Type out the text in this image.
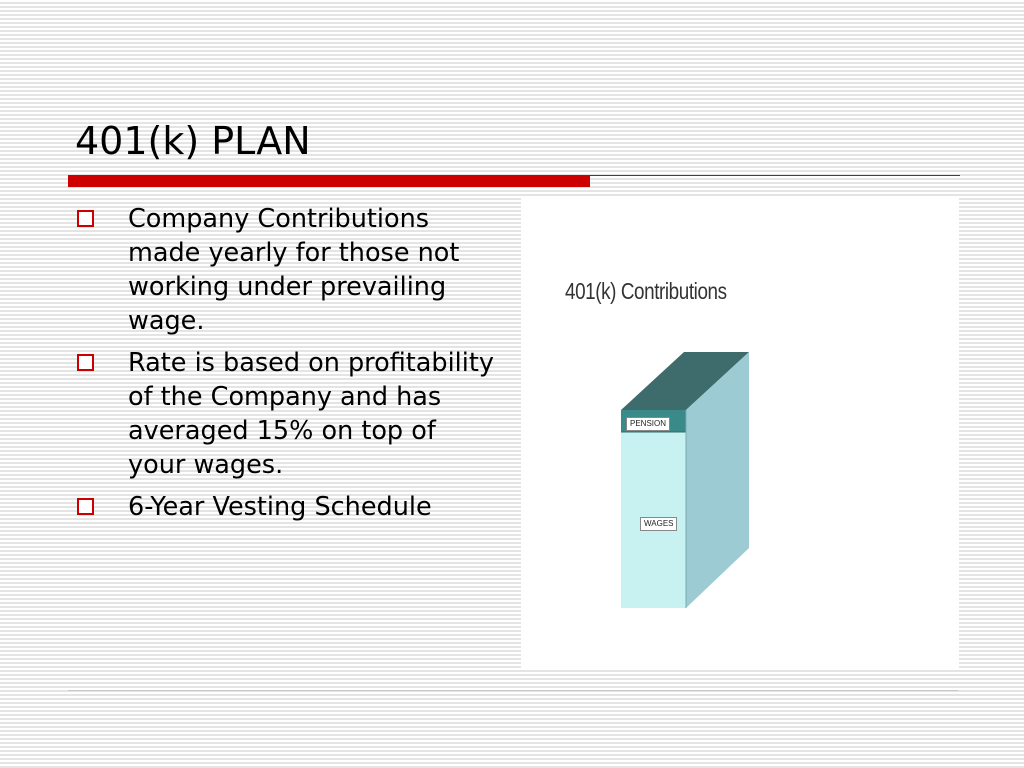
401(k) PLAN
Company Contributions made yearly for those not working under prevailing wage.
Rate is based on profitability of the Company and has averaged 15% on top of your wages.
6-Year Vesting Schedule
401(k) Contributions
PENSION
WAGES
